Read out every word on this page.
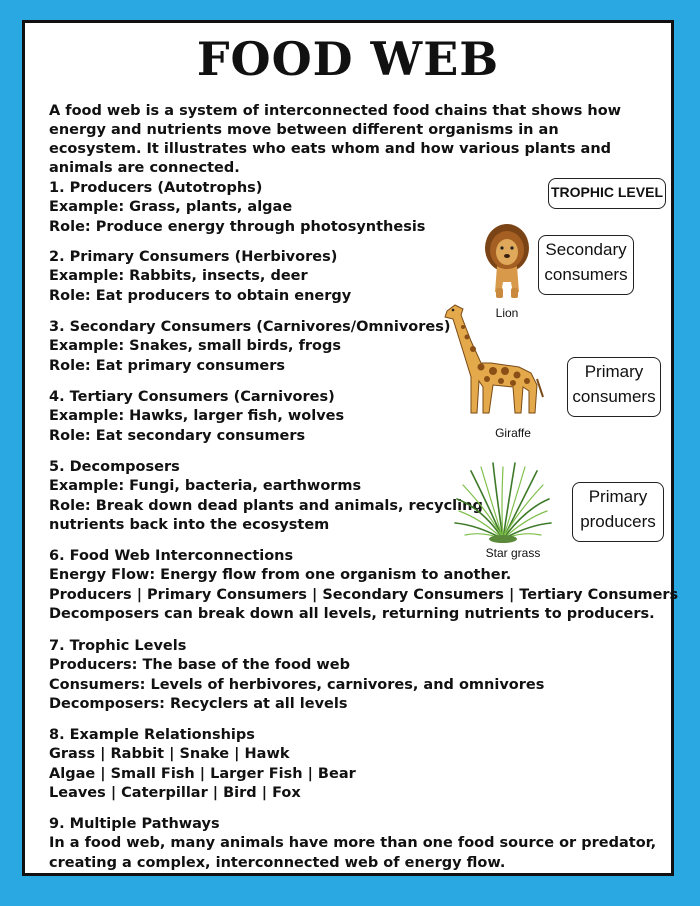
FOOD WEB
A food web is a system of interconnected food chains that shows how energy and nutrients move between different organisms in an ecosystem. It illustrates who eats whom and how various plants and animals are connected.
1. Producers (Autotrophs)
Example: Grass, plants, algae
Role: Produce energy through photosynthesis
2. Primary Consumers (Herbivores)
Example: Rabbits, insects, deer
Role: Eat producers to obtain energy
3. Secondary Consumers (Carnivores/Omnivores)
Example: Snakes, small birds, frogs
Role: Eat primary consumers
4. Tertiary Consumers (Carnivores)
Example: Hawks, larger fish, wolves
Role: Eat secondary consumers
5. Decomposers
Example: Fungi, bacteria, earthworms
Role: Break down dead plants and animals, recycling
nutrients back into the ecosystem
6. Food Web Interconnections
Energy Flow: Energy flow from one organism to another.
Producers | Primary Consumers | Secondary Consumers | Tertiary Consumers
Decomposers can break down all levels, returning nutrients to producers.
7. Trophic Levels
Producers: The base of the food web
Consumers: Levels of herbivores, carnivores, and omnivores
Decomposers: Recyclers at all levels
8. Example Relationships
Grass | Rabbit | Snake | Hawk
Algae | Small Fish | Larger Fish | Bear
Leaves | Caterpillar | Bird | Fox
9. Multiple Pathways
In a food web, many animals have more than one food source or predator,
creating a complex, interconnected web of energy flow.
TROPHIC LEVEL
Lion
Secondary
consumers
Giraffe
Primary
consumers
Star grass
Primary
producers
